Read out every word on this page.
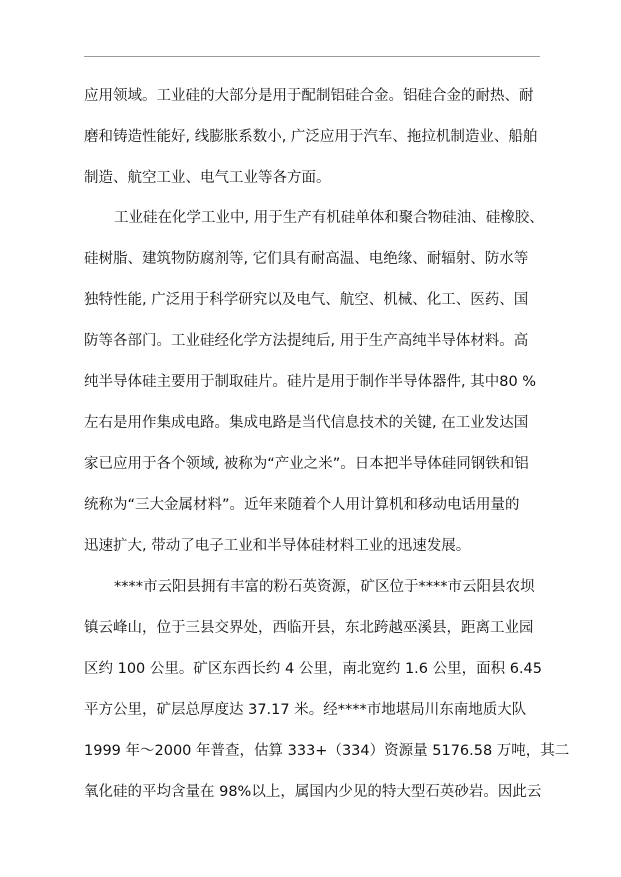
应用领域。工业硅的大部分是用于配制铝硅合金。铝硅合金的耐热、耐
磨和铸造性能好, 线膨胀系数小, 广泛应用于汽车、拖拉机制造业、船舶
制造、航空工业、电气工业等各方面。
工业硅在化学工业中, 用于生产有机硅单体和聚合物硅油、硅橡胶、
硅树脂、建筑物防腐剂等, 它们具有耐高温、电绝缘、耐辐射、防水等
独特性能, 广泛用于科学研究以及电气、航空、机械、化工、医药、国
防等各部门。工业硅经化学方法提纯后, 用于生产高纯半导体材料。高
纯半导体硅主要用于制取硅片。硅片是用于制作半导体器件, 其中80 %
左右是用作集成电路。集成电路是当代信息技术的关键, 在工业发达国
家已应用于各个领域, 被称为“产业之米”。日本把半导体硅同钢铁和铝
统称为“三大金属材料”。近年来随着个人用计算机和移动电话用量的
迅速扩大, 带动了电子工业和半导体硅材料工业的迅速发展。
****市云阳县拥有丰富的粉石英资源，矿区位于****市云阳县农坝
镇云峰山，位于三县交界处，西临开县，东北跨越巫溪县，距离工业园
区约 100 公里。矿区东西长约 4 公里，南北宽约 1.6 公里，面积 6.45
平方公里，矿层总厚度达 37.17 米。经****市地堪局川东南地质大队
1999 年～2000 年普查，估算 333+（334）资源量 5176.58 万吨，其二
氧化硅的平均含量在 98%以上，属国内少见的特大型石英砂岩。因此云
